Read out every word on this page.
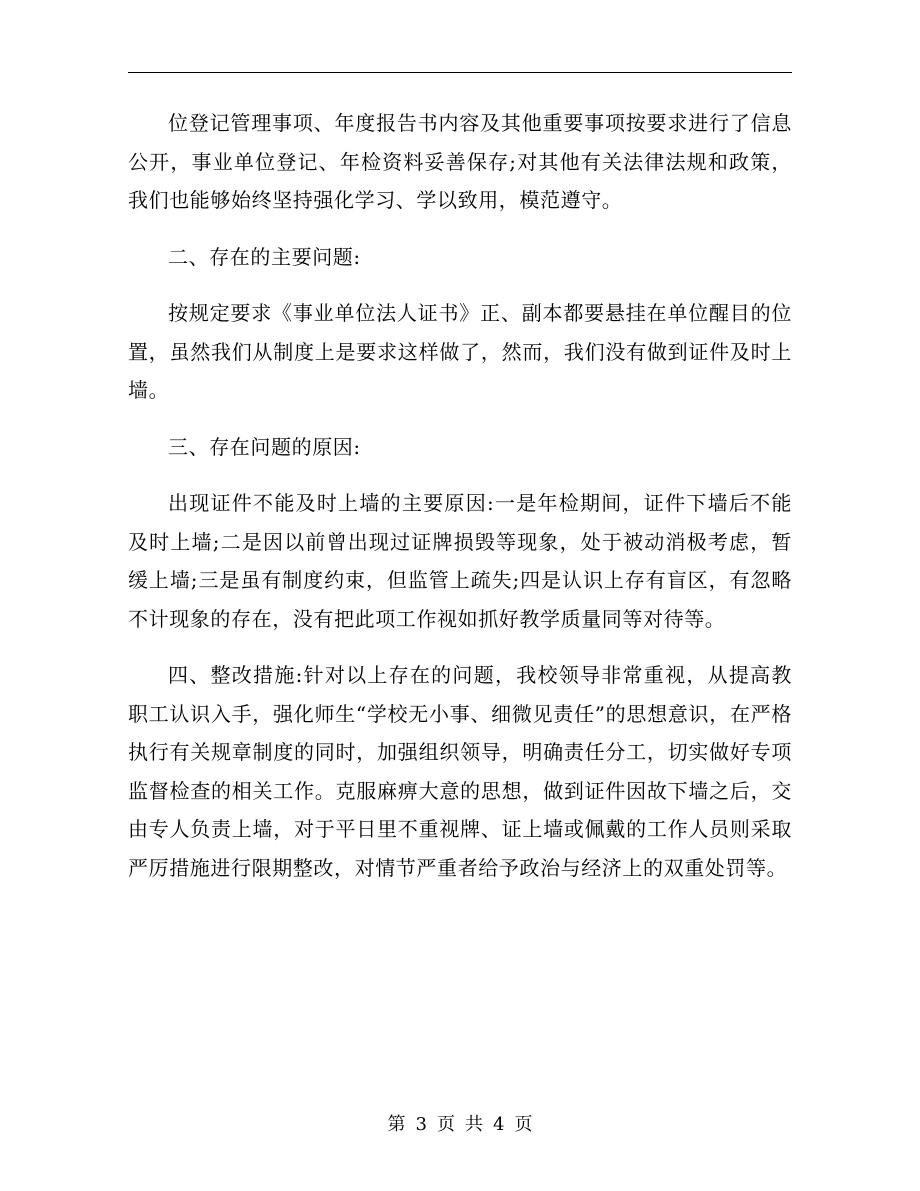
位登记管理事项、年度报告书内容及其他重要事项按要求进行了信息公开，事业单位登记、年检资料妥善保存;对其他有关法律法规和政策，我们也能够始终坚持强化学习、学以致用，模范遵守。

二、存在的主要问题:

按规定要求《事业单位法人证书》正、副本都要悬挂在单位醒目的位置，虽然我们从制度上是要求这样做了，然而，我们没有做到证件及时上墙。

三、存在问题的原因:

出现证件不能及时上墙的主要原因:一是年检期间，证件下墙后不能及时上墙;二是因以前曾出现过证牌损毁等现象，处于被动消极考虑，暂缓上墙;三是虽有制度约束，但监管上疏失;四是认识上存有盲区，有忽略不计现象的存在，没有把此项工作视如抓好教学质量同等对待等。

四、整改措施:针对以上存在的问题，我校领导非常重视，从提高教职工认识入手，强化师生“学校无小事、细微见责任”的思想意识，在严格执行有关规章制度的同时，加强组织领导，明确责任分工，切实做好专项监督检查的相关工作。克服麻痹大意的思想，做到证件因故下墙之后，交由专人负责上墙，对于平日里不重视牌、证上墙或佩戴的工作人员则采取严厉措施进行限期整改，对情节严重者给予政治与经济上的双重处罚等。

第 3 页 共 4 页
